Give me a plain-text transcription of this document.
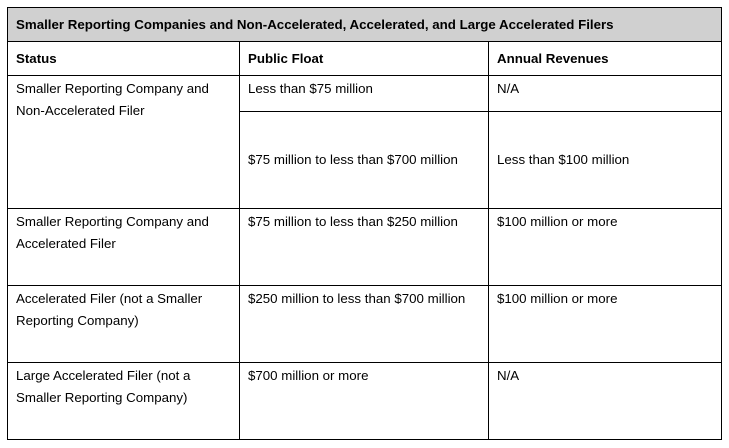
Smaller Reporting Companies and Non-Accelerated, Accelerated, and Large Accelerated Filers		
Status	Public Float	Annual Revenues
Smaller Reporting Company and Non-Accelerated Filer	Less than $75 million	N/A
	$75 million to less than $700 million	Less than $100 million
Smaller Reporting Company and Accelerated Filer	$75 million to less than $250 million	$100 million or more
Accelerated Filer (not a Smaller Reporting Company)	$250 million to less than $700 million	$100 million or more
Large Accelerated Filer (not a Smaller Reporting Company)	$700 million or more	N/A
